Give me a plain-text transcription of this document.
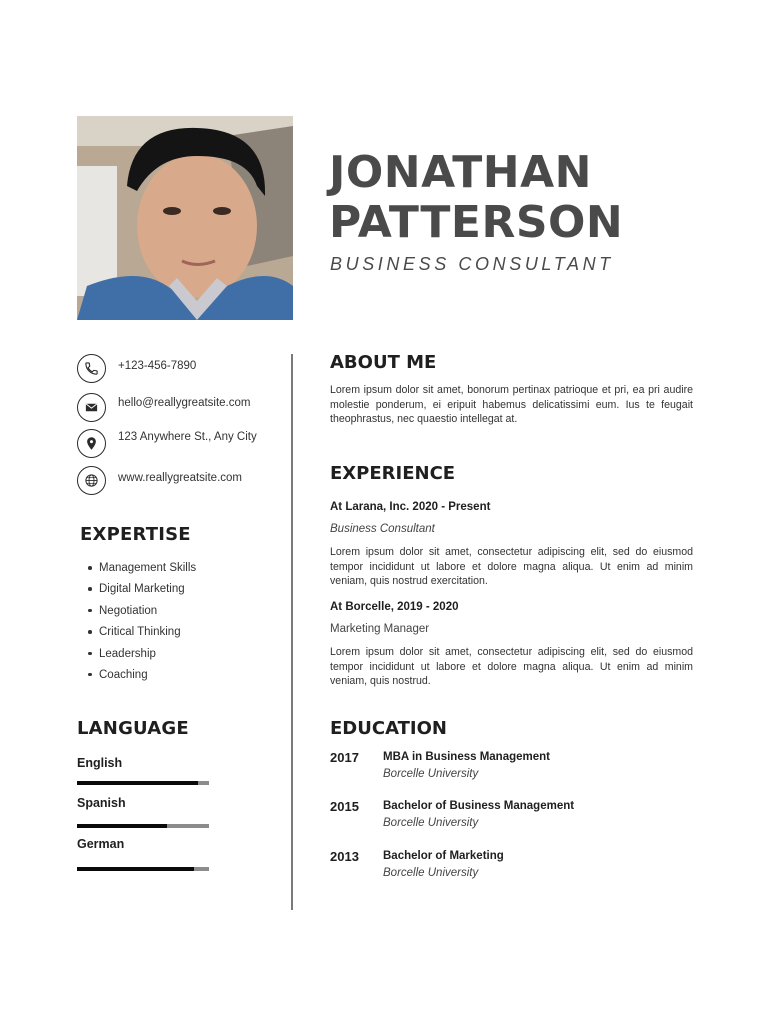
JONATHAN
PATTERSON
BUSINESS CONSULTANT
+123-456-7890
hello@reallygreatsite.com
123 Anywhere St., Any City
www.reallygreatsite.com
EXPERTISE
Management Skills
Digital Marketing
Negotiation
Critical Thinking
Leadership
Coaching
LANGUAGE
English
Spanish
German
ABOUT ME
Lorem ipsum dolor sit amet, bonorum pertinax patrioque et pri, ea pri audire molestie ponderum, ei eripuit habemus delicatissimi eum. Ius te feugait theophrastus, nec quaestio intellegat at.
EXPERIENCE
At Larana, Inc. 2020 - Present
Business Consultant
Lorem ipsum dolor sit amet, consectetur adipiscing elit, sed do eiusmod tempor incididunt ut labore et dolore magna aliqua. Ut enim ad minim veniam, quis nostrud exercitation.
At Borcelle, 2019 - 2020
Marketing Manager
Lorem ipsum dolor sit amet, consectetur adipiscing elit, sed do eiusmod tempor incididunt ut labore et dolore magna aliqua. Ut enim ad minim veniam, quis nostrud.
EDUCATION
2017 MBA in Business Management
Borcelle University
2015 Bachelor of Business Management
Borcelle University
2013 Bachelor of Marketing
Borcelle University
